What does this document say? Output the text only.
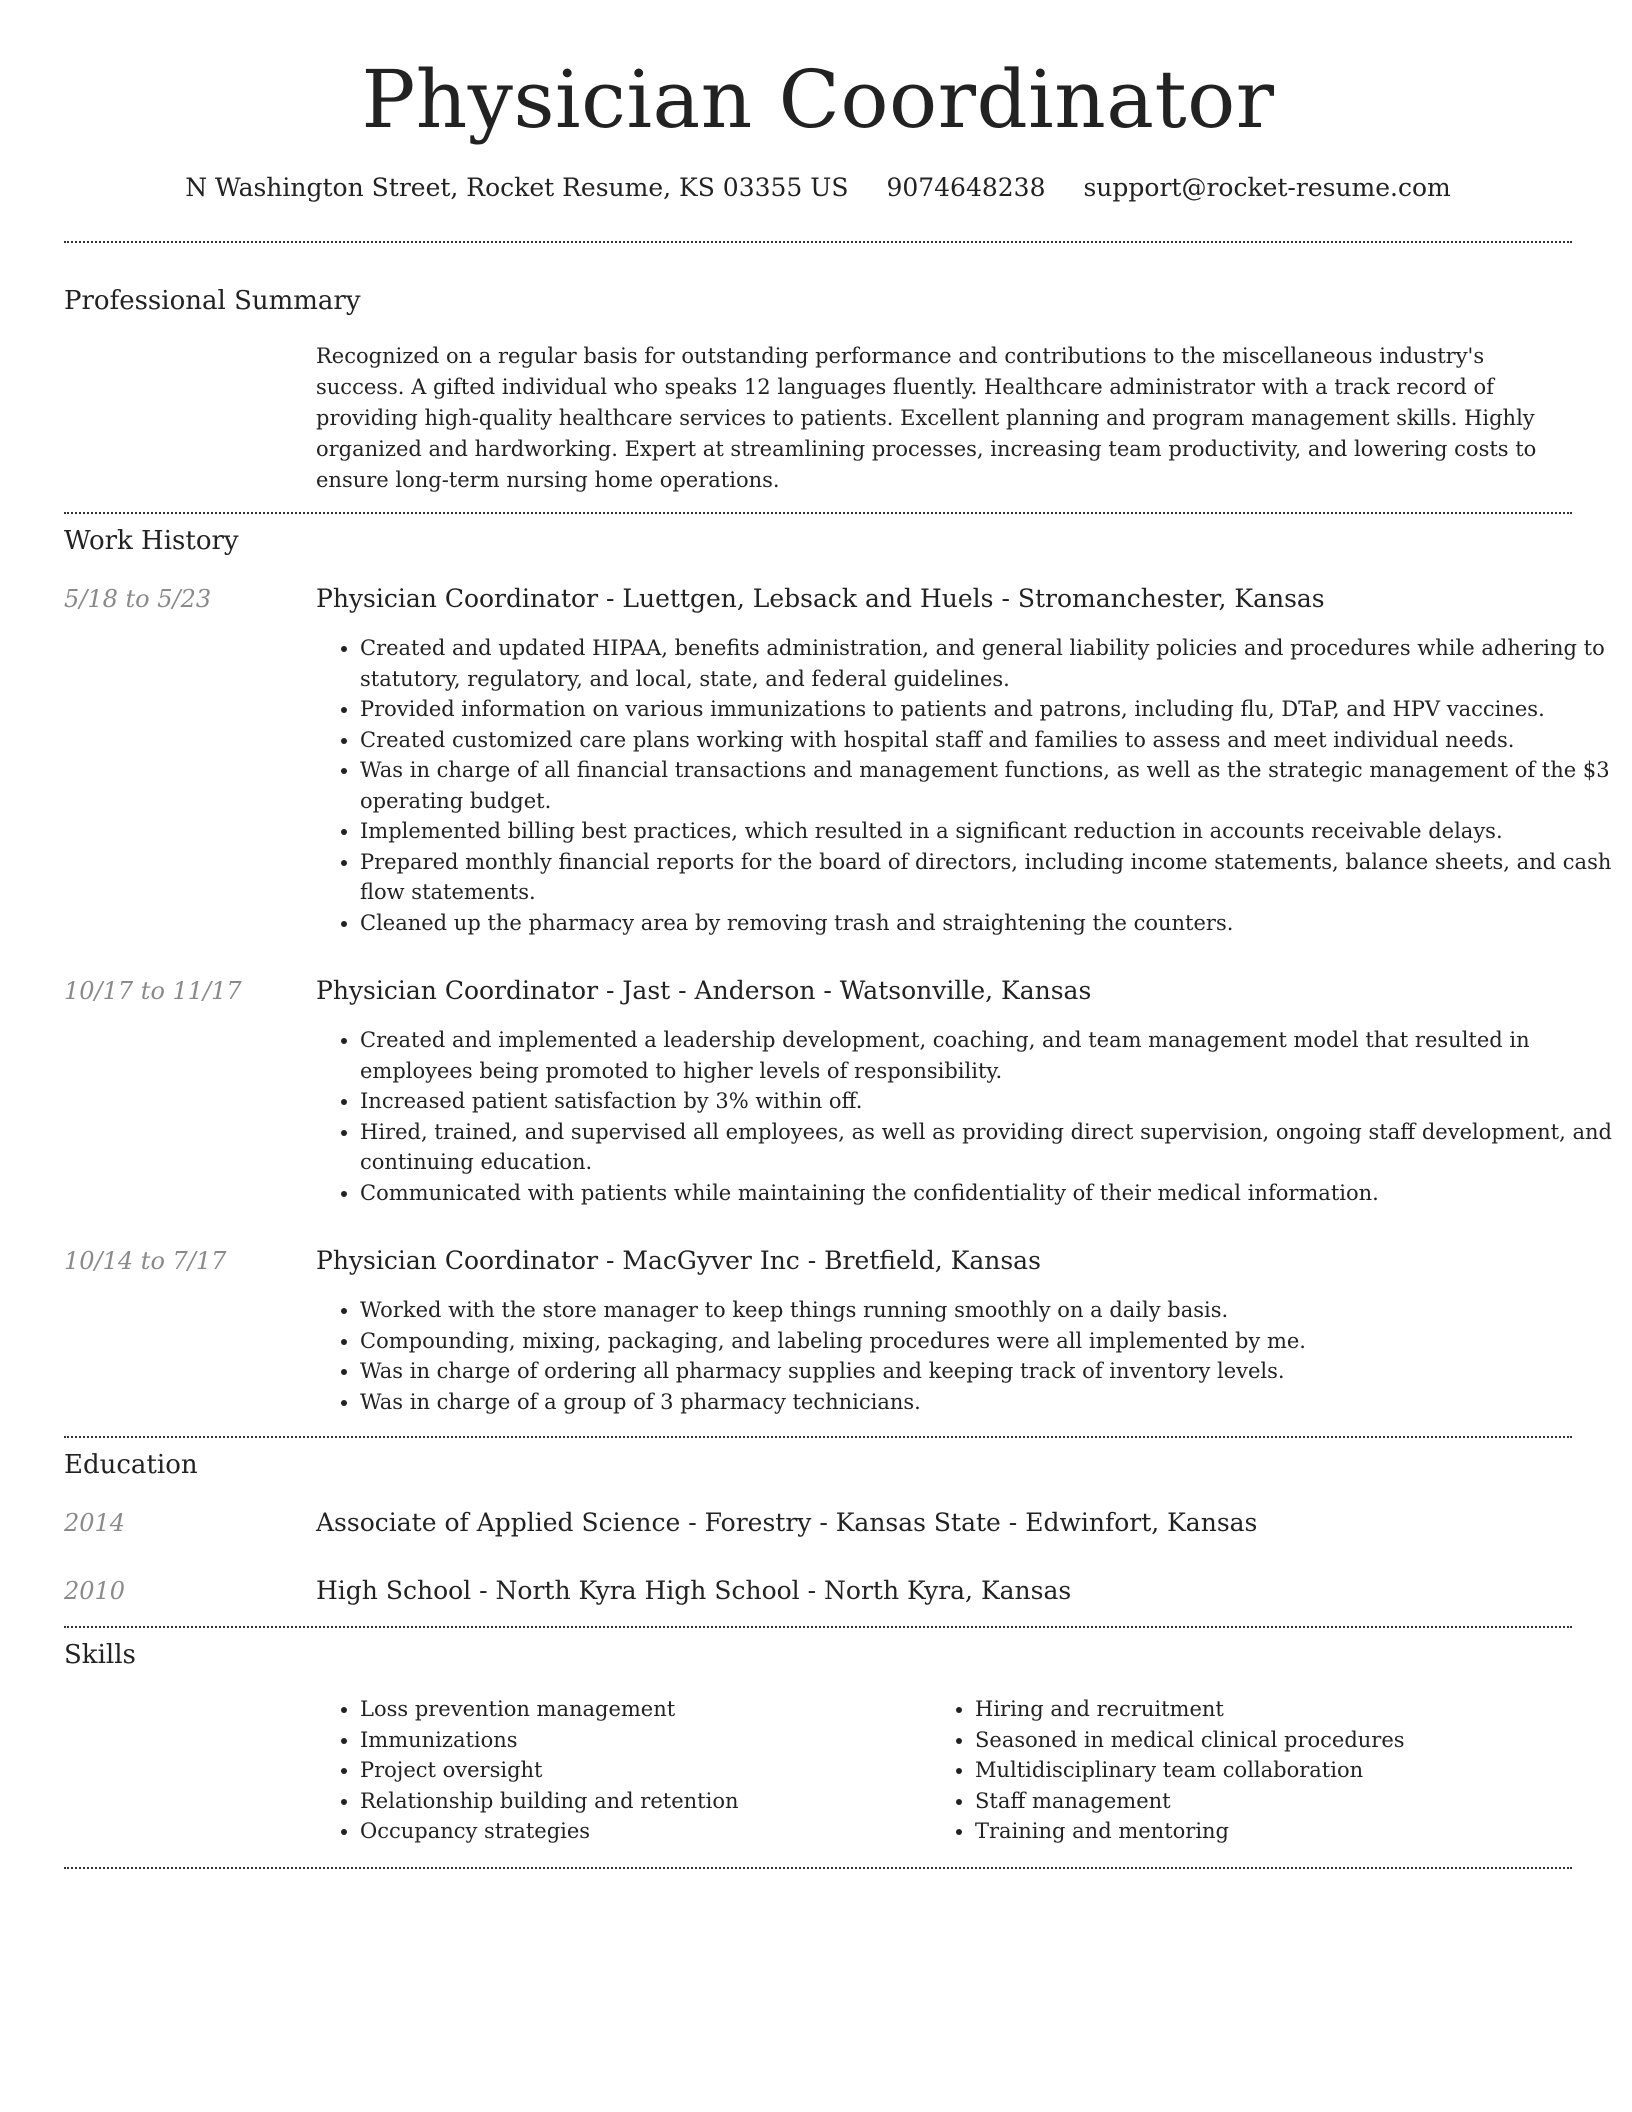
Physician Coordinator
N Washington Street, Rocket Resume, KS 03355 US 9074648238 support@rocket-resume.com
Professional Summary
Recognized on a regular basis for outstanding performance and contributions to the miscellaneous industry's success. A gifted individual who speaks 12 languages fluently. Healthcare administrator with a track record of providing high-quality healthcare services to patients. Excellent planning and program management skills. Highly organized and hardworking. Expert at streamlining processes, increasing team productivity, and lowering costs to ensure long-term nursing home operations.
Work History
5/18 to 5/23	Physician Coordinator - Luettgen, Lebsack and Huels - Stromanchester, Kansas
• Created and updated HIPAA, benefits administration, and general liability policies and procedures while adhering to statutory, regulatory, and local, state, and federal guidelines.
• Provided information on various immunizations to patients and patrons, including flu, DTaP, and HPV vaccines.
• Created customized care plans working with hospital staff and families to assess and meet individual needs.
• Was in charge of all financial transactions and management functions, as well as the strategic management of the $3 operating budget.
• Implemented billing best practices, which resulted in a significant reduction in accounts receivable delays.
• Prepared monthly financial reports for the board of directors, including income statements, balance sheets, and cash flow statements.
• Cleaned up the pharmacy area by removing trash and straightening the counters.
10/17 to 11/17	Physician Coordinator - Jast - Anderson - Watsonville, Kansas
• Created and implemented a leadership development, coaching, and team management model that resulted in employees being promoted to higher levels of responsibility.
• Increased patient satisfaction by 3% within off.
• Hired, trained, and supervised all employees, as well as providing direct supervision, ongoing staff development, and continuing education.
• Communicated with patients while maintaining the confidentiality of their medical information.
10/14 to 7/17	Physician Coordinator - MacGyver Inc - Bretfield, Kansas
• Worked with the store manager to keep things running smoothly on a daily basis.
• Compounding, mixing, packaging, and labeling procedures were all implemented by me.
• Was in charge of ordering all pharmacy supplies and keeping track of inventory levels.
• Was in charge of a group of 3 pharmacy technicians.
Education
2014	Associate of Applied Science - Forestry - Kansas State - Edwinfort, Kansas
2010	High School - North Kyra High School - North Kyra, Kansas
Skills
• Loss prevention management
• Immunizations
• Project oversight
• Relationship building and retention
• Occupancy strategies
• Hiring and recruitment
• Seasoned in medical clinical procedures
• Multidisciplinary team collaboration
• Staff management
• Training and mentoring
